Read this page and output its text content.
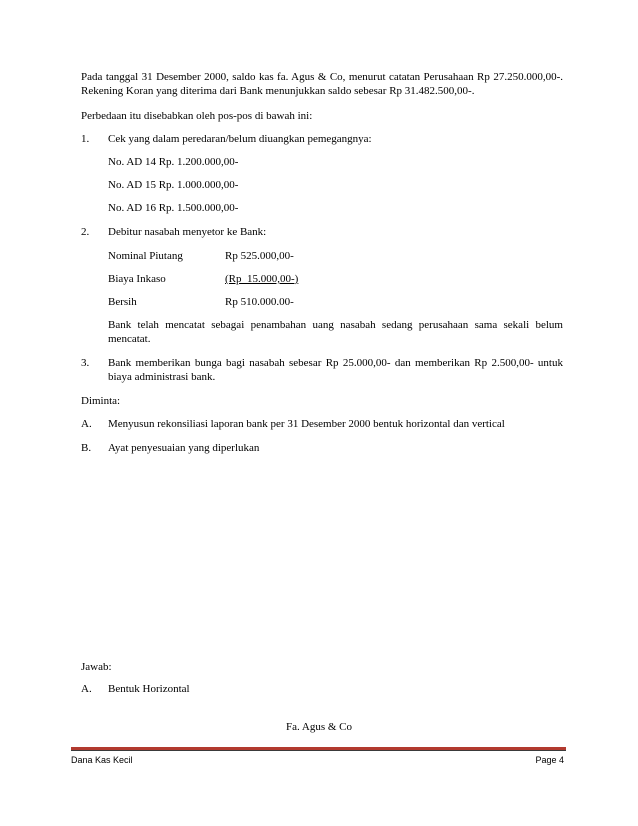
Pada tanggal 31 Desember 2000, saldo kas fa. Agus & Co, menurut catatan Perusahaan Rp 27.250.000,00-. Rekening Koran yang diterima dari Bank menunjukkan saldo sebesar Rp 31.482.500,00-.

Perbedaan itu disebabkan oleh pos-pos di bawah ini:

1. Cek yang dalam peredaran/belum diuangkan pemegangnya:

No. AD 14 Rp. 1.200.000,00-

No. AD 15 Rp. 1.000.000,00-

No. AD 16 Rp. 1.500.000,00-

2. Debitur nasabah menyetor ke Bank:
Nominal Piutang	Rp 525.000,00-
Biaya Inkaso	(Rp  15.000,00-)
Bersih	Rp 510.000.00-

Bank telah mencatat sebagai penambahan uang nasabah sedang perusahaan sama sekali belum mencatat.

3. Bank memberikan bunga bagi nasabah sebesar Rp 25.000,00- dan memberikan Rp 2.500,00- untuk biaya administrasi bank.

Diminta:

A. Menyusun rekonsiliasi laporan bank per 31 Desember 2000 bentuk horizontal dan vertical
B. Ayat penyesuaian yang diperlukan

Jawab:

A. Bentuk Horizontal
Fa. Agus & Co
Dana Kas Kecil	Page 4
